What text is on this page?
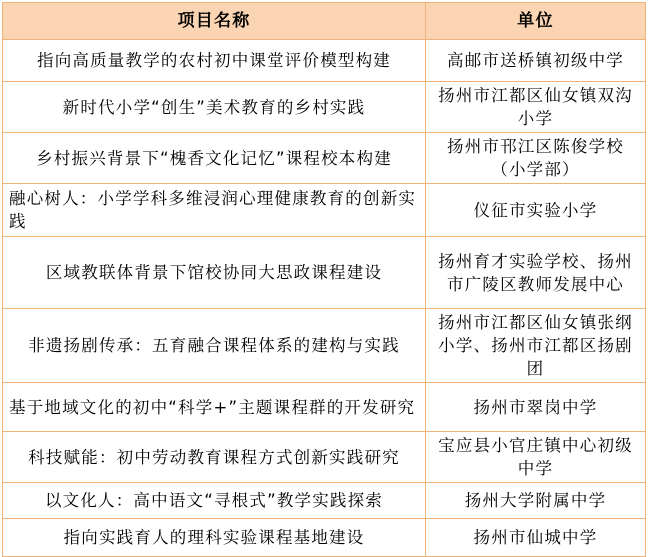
项目名称	单位
指向高质量教学的农村初中课堂评价模型构建	高邮市送桥镇初级中学
新时代小学“创生”美术教育的乡村实践	扬州市江都区仙女镇双沟小学
乡村振兴背景下“槐香文化记忆”课程校本构建	扬州市邗江区陈俊学校（小学部）
融心树人：小学学科多维浸润心理健康教育的创新实践	仪征市实验小学
区域教联体背景下馆校协同大思政课程建设	扬州育才实验学校、扬州市广陵区教师发展中心
非遗扬剧传承：五育融合课程体系的建构与实践	扬州市江都区仙女镇张纲小学、扬州市江都区扬剧团
基于地域文化的初中“科学+”主题课程群的开发研究	扬州市翠岗中学
科技赋能：初中劳动教育课程方式创新实践研究	宝应县小官庄镇中心初级中学
以文化人：高中语文“寻根式”教学实践探索	扬州大学附属中学
指向实践育人的理科实验课程基地建设	扬州市仙城中学
